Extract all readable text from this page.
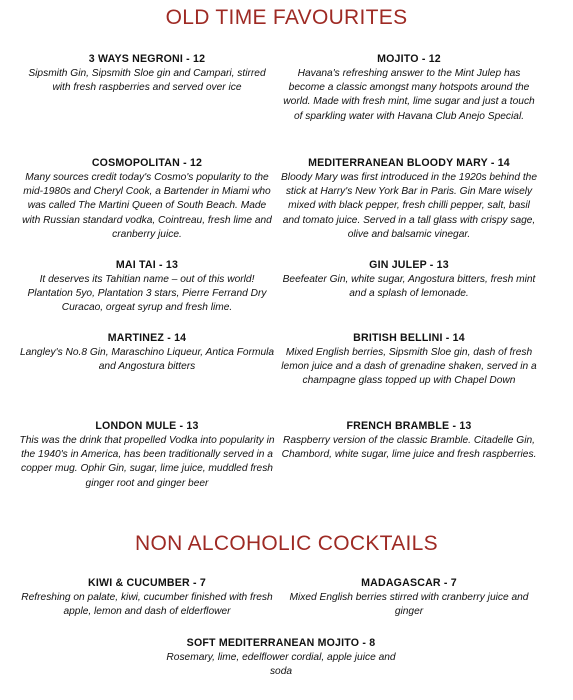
OLD TIME FAVOURITES
3 WAYS NEGRONI - 12
Sipsmith Gin, Sipsmith Sloe gin and Campari, stirred with fresh raspberries and served over ice
MOJITO - 12
Havana's refreshing answer to the Mint Julep has become a classic amongst many hotspots around the world. Made with fresh mint, lime sugar and just a touch of sparkling water with Havana Club Anejo Special.
COSMOPOLITAN - 12
Many sources credit today's Cosmo's popularity to the mid-1980s and Cheryl Cook, a Bartender in Miami who was called The Martini Queen of South Beach. Made with Russian standard vodka, Cointreau, fresh lime and cranberry juice.
MEDITERRANEAN BLOODY MARY - 14
Bloody Mary was first introduced in the 1920s behind the stick at Harry's New York Bar in Paris. Gin Mare wisely mixed with black pepper, fresh chilli pepper, salt, basil and tomato juice. Served in a tall glass with crispy sage, olive and balsamic vinegar.
MAI TAI - 13
It deserves its Tahitian name – out of this world! Plantation 5yo, Plantation 3 stars, Pierre Ferrand Dry Curacao, orgeat syrup and fresh lime.
GIN JULEP - 13
Beefeater Gin, white sugar, Angostura bitters, fresh mint and a splash of lemonade.
MARTINEZ - 14
Langley's No.8 Gin, Maraschino Liqueur, Antica Formula and Angostura bitters
BRITISH BELLINI - 14
Mixed English berries, Sipsmith Sloe gin, dash of fresh lemon juice and a dash of grenadine shaken, served in a champagne glass topped up with Chapel Down
LONDON MULE - 13
This was the drink that propelled Vodka into popularity in the 1940's in America, has been traditionally served in a copper mug. Ophir Gin, sugar, lime juice, muddled fresh ginger root and ginger beer
FRENCH BRAMBLE - 13
Raspberry version of the classic Bramble. Citadelle Gin, Chambord, white sugar, lime juice and fresh raspberries.
NON ALCOHOLIC COCKTAILS
KIWI & CUCUMBER - 7
Refreshing on palate, kiwi, cucumber finished with fresh apple, lemon and dash of elderflower
MADAGASCAR - 7
Mixed English berries stirred with cranberry juice and ginger
SOFT MEDITERRANEAN MOJITO - 8
Rosemary, lime, edelflower cordial, apple juice and soda
